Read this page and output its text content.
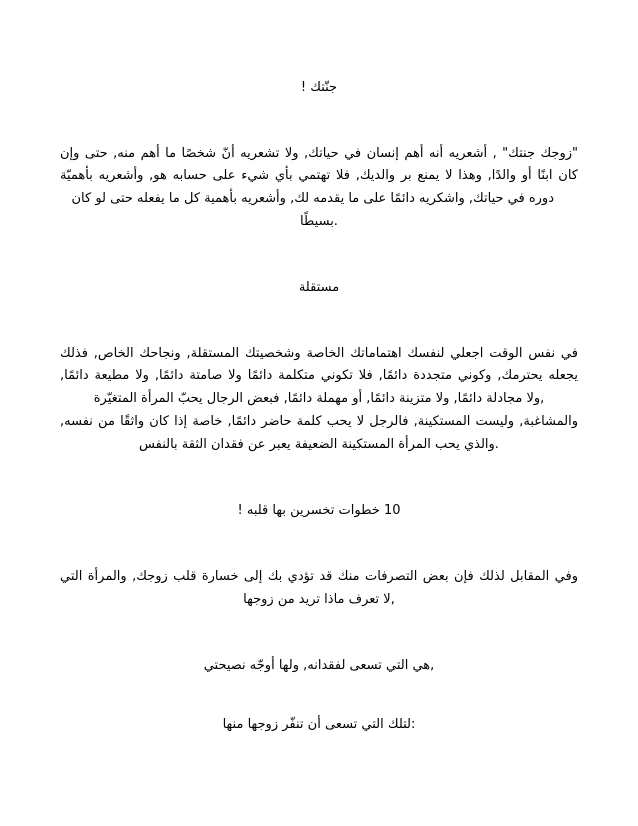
جنّتك !
"زوجك جنتك" , أشعريه أنه أهم إنسان في حياتك, ولا تشعريه أنّ شخصًا ما أهم منه, حتى وإن
كان ابنًا أو والدًا, وهذا لا يمنع بر والديك, فلا تهتمي بأي شيء على حسابه هو, وأشعريه بأهميّة
دوره في حياتك, واشكريه دائمًا على ما يقدمه لك, وأشعريه بأهمية كل ما يفعله حتى لو كان
.بسيطًا
مستقلة
في نفس الوقت اجعلي لنفسك اهتماماتك الخاصة وشخصيتك المستقلة, ونجاحك الخاص, فذلك
يجعله يحترمك, وكوني متجددة دائمًا, فلا تكوني متكلمة دائمًا ولا صامتة دائمًا, ولا مطيعة دائمًا,
,ولا مجادلة دائمًا, ولا متزينة دائمًا, أو مهملة دائمًا, فبعض الرجال يحبّ المرأة المتغيّرة
والمشاغبة, وليست المستكينة, فالرجل لا يحب كلمة حاضر دائمًا, خاصة إذا كان واثقًا من نفسه,
.والذي يحب المرأة المستكينة الضعيفة يعبر عن فقدان الثقة بالنفس
10 خطوات تخسرين بها قلبه !
وفي المقابل لذلك فإن بعض التصرفات منك قد تؤدي بك إلى خسارة قلب زوجك, والمرأة التي
,لا تعرف ماذا تريد من زوجها
,هي التي تسعى لفقدانه, ولها أوجّه نصيحتي
:لتلك التي تسعى أن تنفّر زوجها منها
